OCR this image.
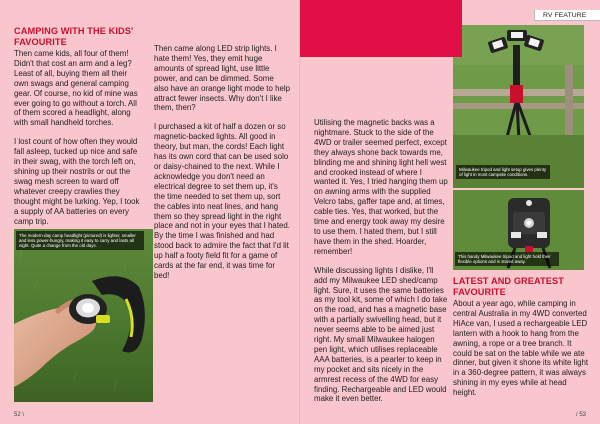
CAMPING WITH THE KIDS' FAVOURITE

Then came kids, all four of them! Didn't that cost an arm and a leg? Least of all, buying them all their own swags and general camping gear. Of course, no kid of mine was ever going to go without a torch. All of them scored a headlight, along with small handheld torches.

I lost count of how often they would fall asleep, tucked up nice and safe in their swag, with the torch left on, shining up their nostrils or out the swag mesh screen to ward off whatever creepy crawlies they thought might be lurking. Yep, I took a supply of AA batteries on every camp trip.

Then came along LED strip lights. I hate them! Yes, they emit huge amounts of spread light, use little power, and can be dimmed. Some also have an orange light mode to help attract fewer insects. Why don't I like them, then?

I purchased a kit of half a dozen or so magnetic-backed lights. All good in theory, but man, the cords! Each light has its own cord that can be used solo or daisy-chained to the next. While I acknowledge you don't need an electrical degree to set them up, it's the time needed to set them up, sort the cables into neat lines, and hang them so they spread light in the right place and not in your eyes that I hated. By the time I was finished and had stood back to admire the fact that I'd lit up half a footy field fit for a game of cards at the far end, it was time for bed!

The modern-day camp headlight (pictured) is lighter, smaller and less power-hungry, making it easy to carry and lasts all night. Quite a change from the old days.
52 \

Utilising the magnetic backs was a nightmare. Stuck to the side of the 4WD or trailer seemed perfect, except they always shone back towards me, blinding me and shining light hell west and crooked instead of where I wanted it. Yes, I tried hanging them up on awning arms with the supplied Velcro tabs, gaffer tape and, at times, cable ties. Yes, that worked, but the time and energy took away my desire to use them. I hated them, but I still have them in the shed. Hoarder, remember!

While discussing lights I dislike, I'll add my Milwaukee LED shed/camp light. Sure, it uses the same batteries as my tool kit, some of which I do take on the road, and has a magnetic base with a partially swivelling head, but it never seems able to be aimed just right. My small Milwaukee halogen pen light, which utilises replaceable AAA batteries, is a pearler to keep in my pocket and sits nicely in the armrest recess of the 4WD for easy finding. Rechargeable and LED would make it even better.

Milwaukee tripod and light setup gives plenty of light in most campsite conditions.
This handy Milwaukee tripod and light hold their flexible options and is stored away.
LATEST AND GREATEST FAVOURITE

About a year ago, while camping in central Australia in my 4WD converted HiAce van, I used a rechargeable LED lantern with a hook to hang from the awning, a rope or a tree branch. It could be sat on the table while we ate dinner, but given it shone its white light in a 360-degree pattern, it was always shining in my eyes while at head height.

/ 53
RV FEATURE
